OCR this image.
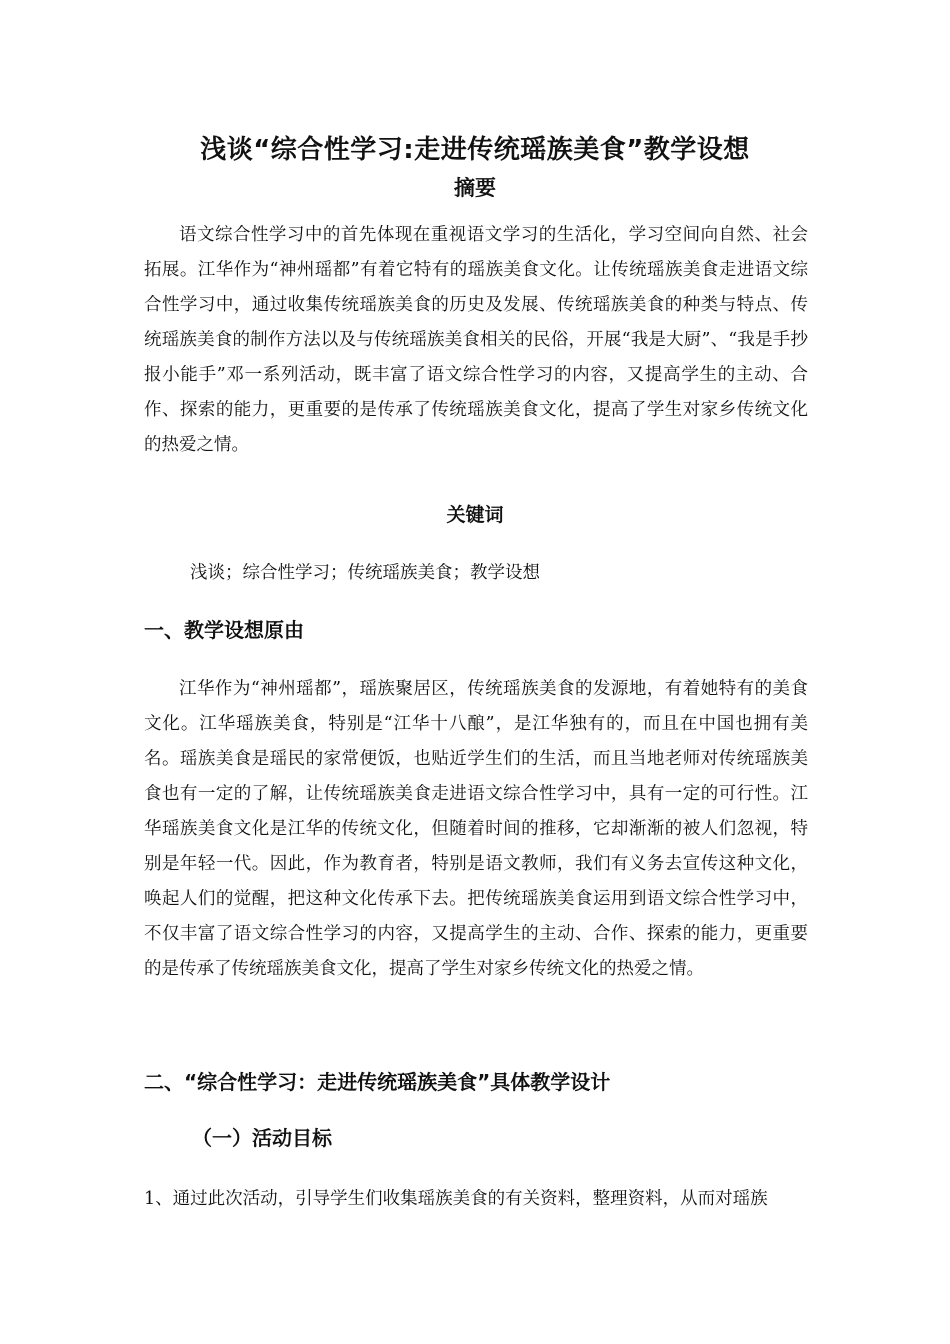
浅谈“综合性学习:走进传统瑶族美食”教学设想
摘要

语文综合性学习中的首先体现在重视语文学习的生活化，学习空间向自然、社会拓展。江华作为“神州瑶都”有着它特有的瑶族美食文化。让传统瑶族美食走进语文综合性学习中，通过收集传统瑶族美食的历史及发展、传统瑶族美食的种类与特点、传统瑶族美食的制作方法以及与传统瑶族美食相关的民俗，开展“我是大厨”、“我是手抄报小能手”邓一系列活动，既丰富了语文综合性学习的内容，又提高学生的主动、合作、探索的能力，更重要的是传承了传统瑶族美食文化，提高了学生对家乡传统文化的热爱之情。

关键词
浅谈；综合性学习；传统瑶族美食；教学设想
一、教学设想原由

江华作为“神州瑶都”，瑶族聚居区，传统瑶族美食的发源地，有着她特有的美食文化。江华瑶族美食，特别是“江华十八酿”，是江华独有的，而且在中国也拥有美名。瑶族美食是瑶民的家常便饭，也贴近学生们的生活，而且当地老师对传统瑶族美食也有一定的了解，让传统瑶族美食走进语文综合性学习中，具有一定的可行性。江华瑶族美食文化是江华的传统文化，但随着时间的推移，它却渐渐的被人们忽视，特别是年轻一代。因此，作为教育者，特别是语文教师，我们有义务去宣传这种文化，唤起人们的觉醒，把这种文化传承下去。把传统瑶族美食运用到语文综合性学习中，不仅丰富了语文综合性学习的内容，又提高学生的主动、合作、探索的能力，更重要的是传承了传统瑶族美食文化，提高了学生对家乡传统文化的热爱之情。

二、“综合性学习：走进传统瑶族美食”具体教学设计
（一）活动目标
1、通过此次活动，引导学生们收集瑶族美食的有关资料，整理资料，从而对瑶族
